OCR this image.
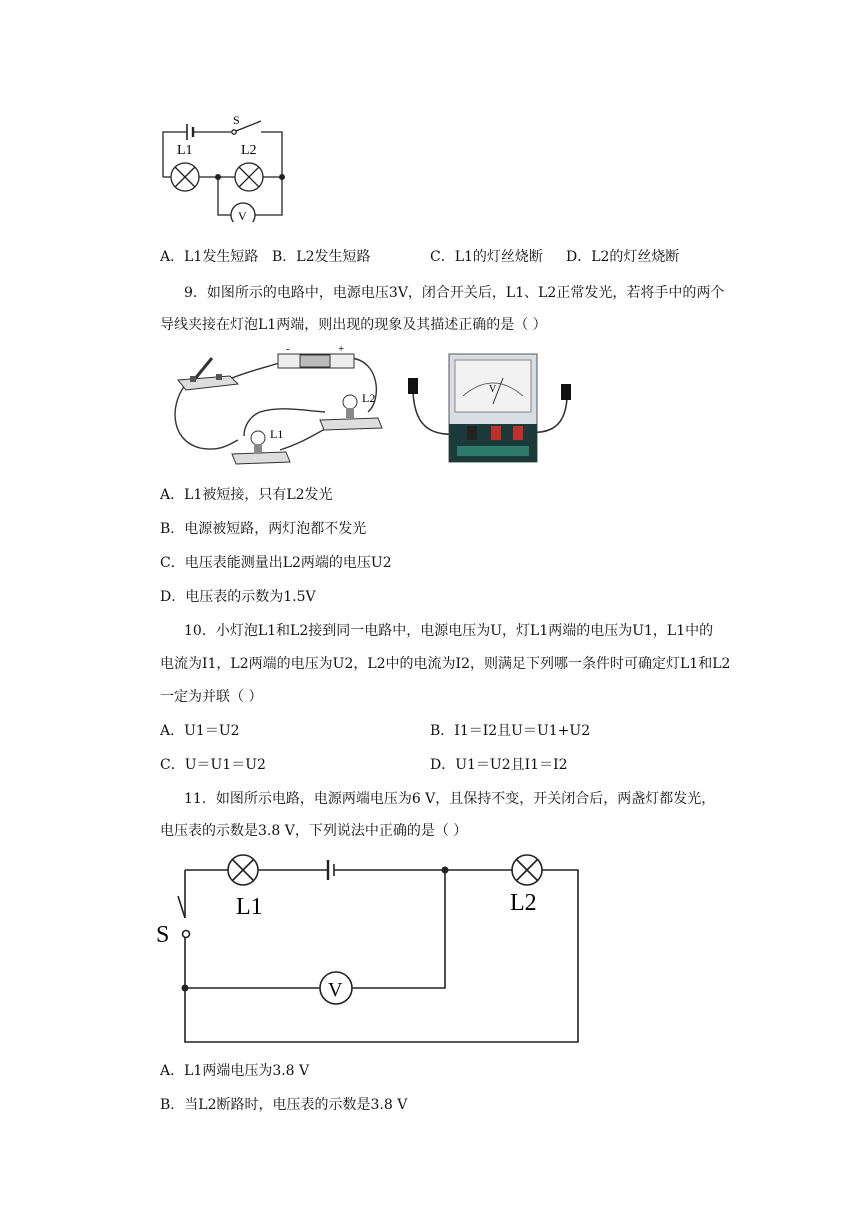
S
L1	L2
V
A．L1发生短路 B．L2发生短路	C．L1的灯丝烧断 D．L2的灯丝烧断
9．如图所示的电路中，电源电压3V，闭合开关后，L1、L2正常发光，若将手中的两个
导线夹接在灯泡L1两端，则出现的现象及其描述正确的是（ ）
-	+
L2
L1
V
A．L1被短接，只有L2发光
B．电源被短路，两灯泡都不发光
C．电压表能测量出L2两端的电压U2
D．电压表的示数为1.5V
10．小灯泡L1和L2接到同一电路中，电源电压为U，灯L1两端的电压为U1，L1中的
电流为I1，L2两端的电压为U2，L2中的电流为I2，则满足下列哪一条件时可确定灯L1和L2
一定为并联（ ）
A．U1＝U2	B．I1＝I2且U＝U1+U2
C．U＝U1＝U2	D．U1＝U2且I1＝I2
11．如图所示电路，电源两端电压为6 V，且保持不变，开关闭合后，两盏灯都发光，
电压表的示数是3.8 V，下列说法中正确的是（ ）
S
L1	L2
V
A．L1两端电压为3.8 V
B．当L2断路时，电压表的示数是3.8 V
